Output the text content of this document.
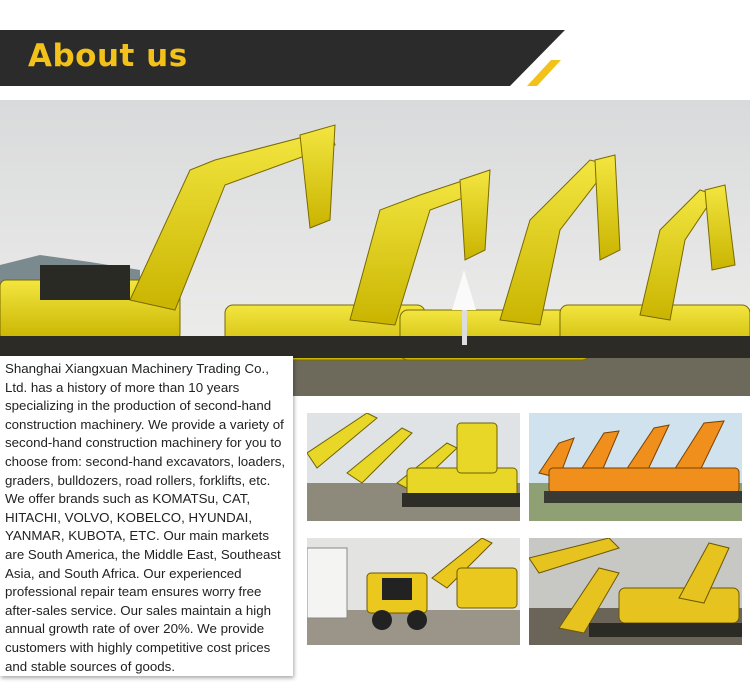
About us

Shanghai Xiangxuan Machinery Trading Co., Ltd. has a history of more than 10 years specializing in the production of second-hand construction machinery. We provide a variety of second-hand construction machinery for you to choose from: second-hand excavators, loaders, graders, bulldozers, road rollers, forklifts, etc. We offer brands such as KOMATSu, CAT, HITACHI, VOLVO, KOBELCO, HYUNDAI, YANMAR, KUBOTA, ETC. Our main markets are South America, the Middle East, Southeast Asia, and South Africa. Our experienced professional repair team ensures worry free after-sales service. Our sales maintain a high annual growth rate of over 20%. We provide customers with highly competitive cost prices and stable sources of goods.
